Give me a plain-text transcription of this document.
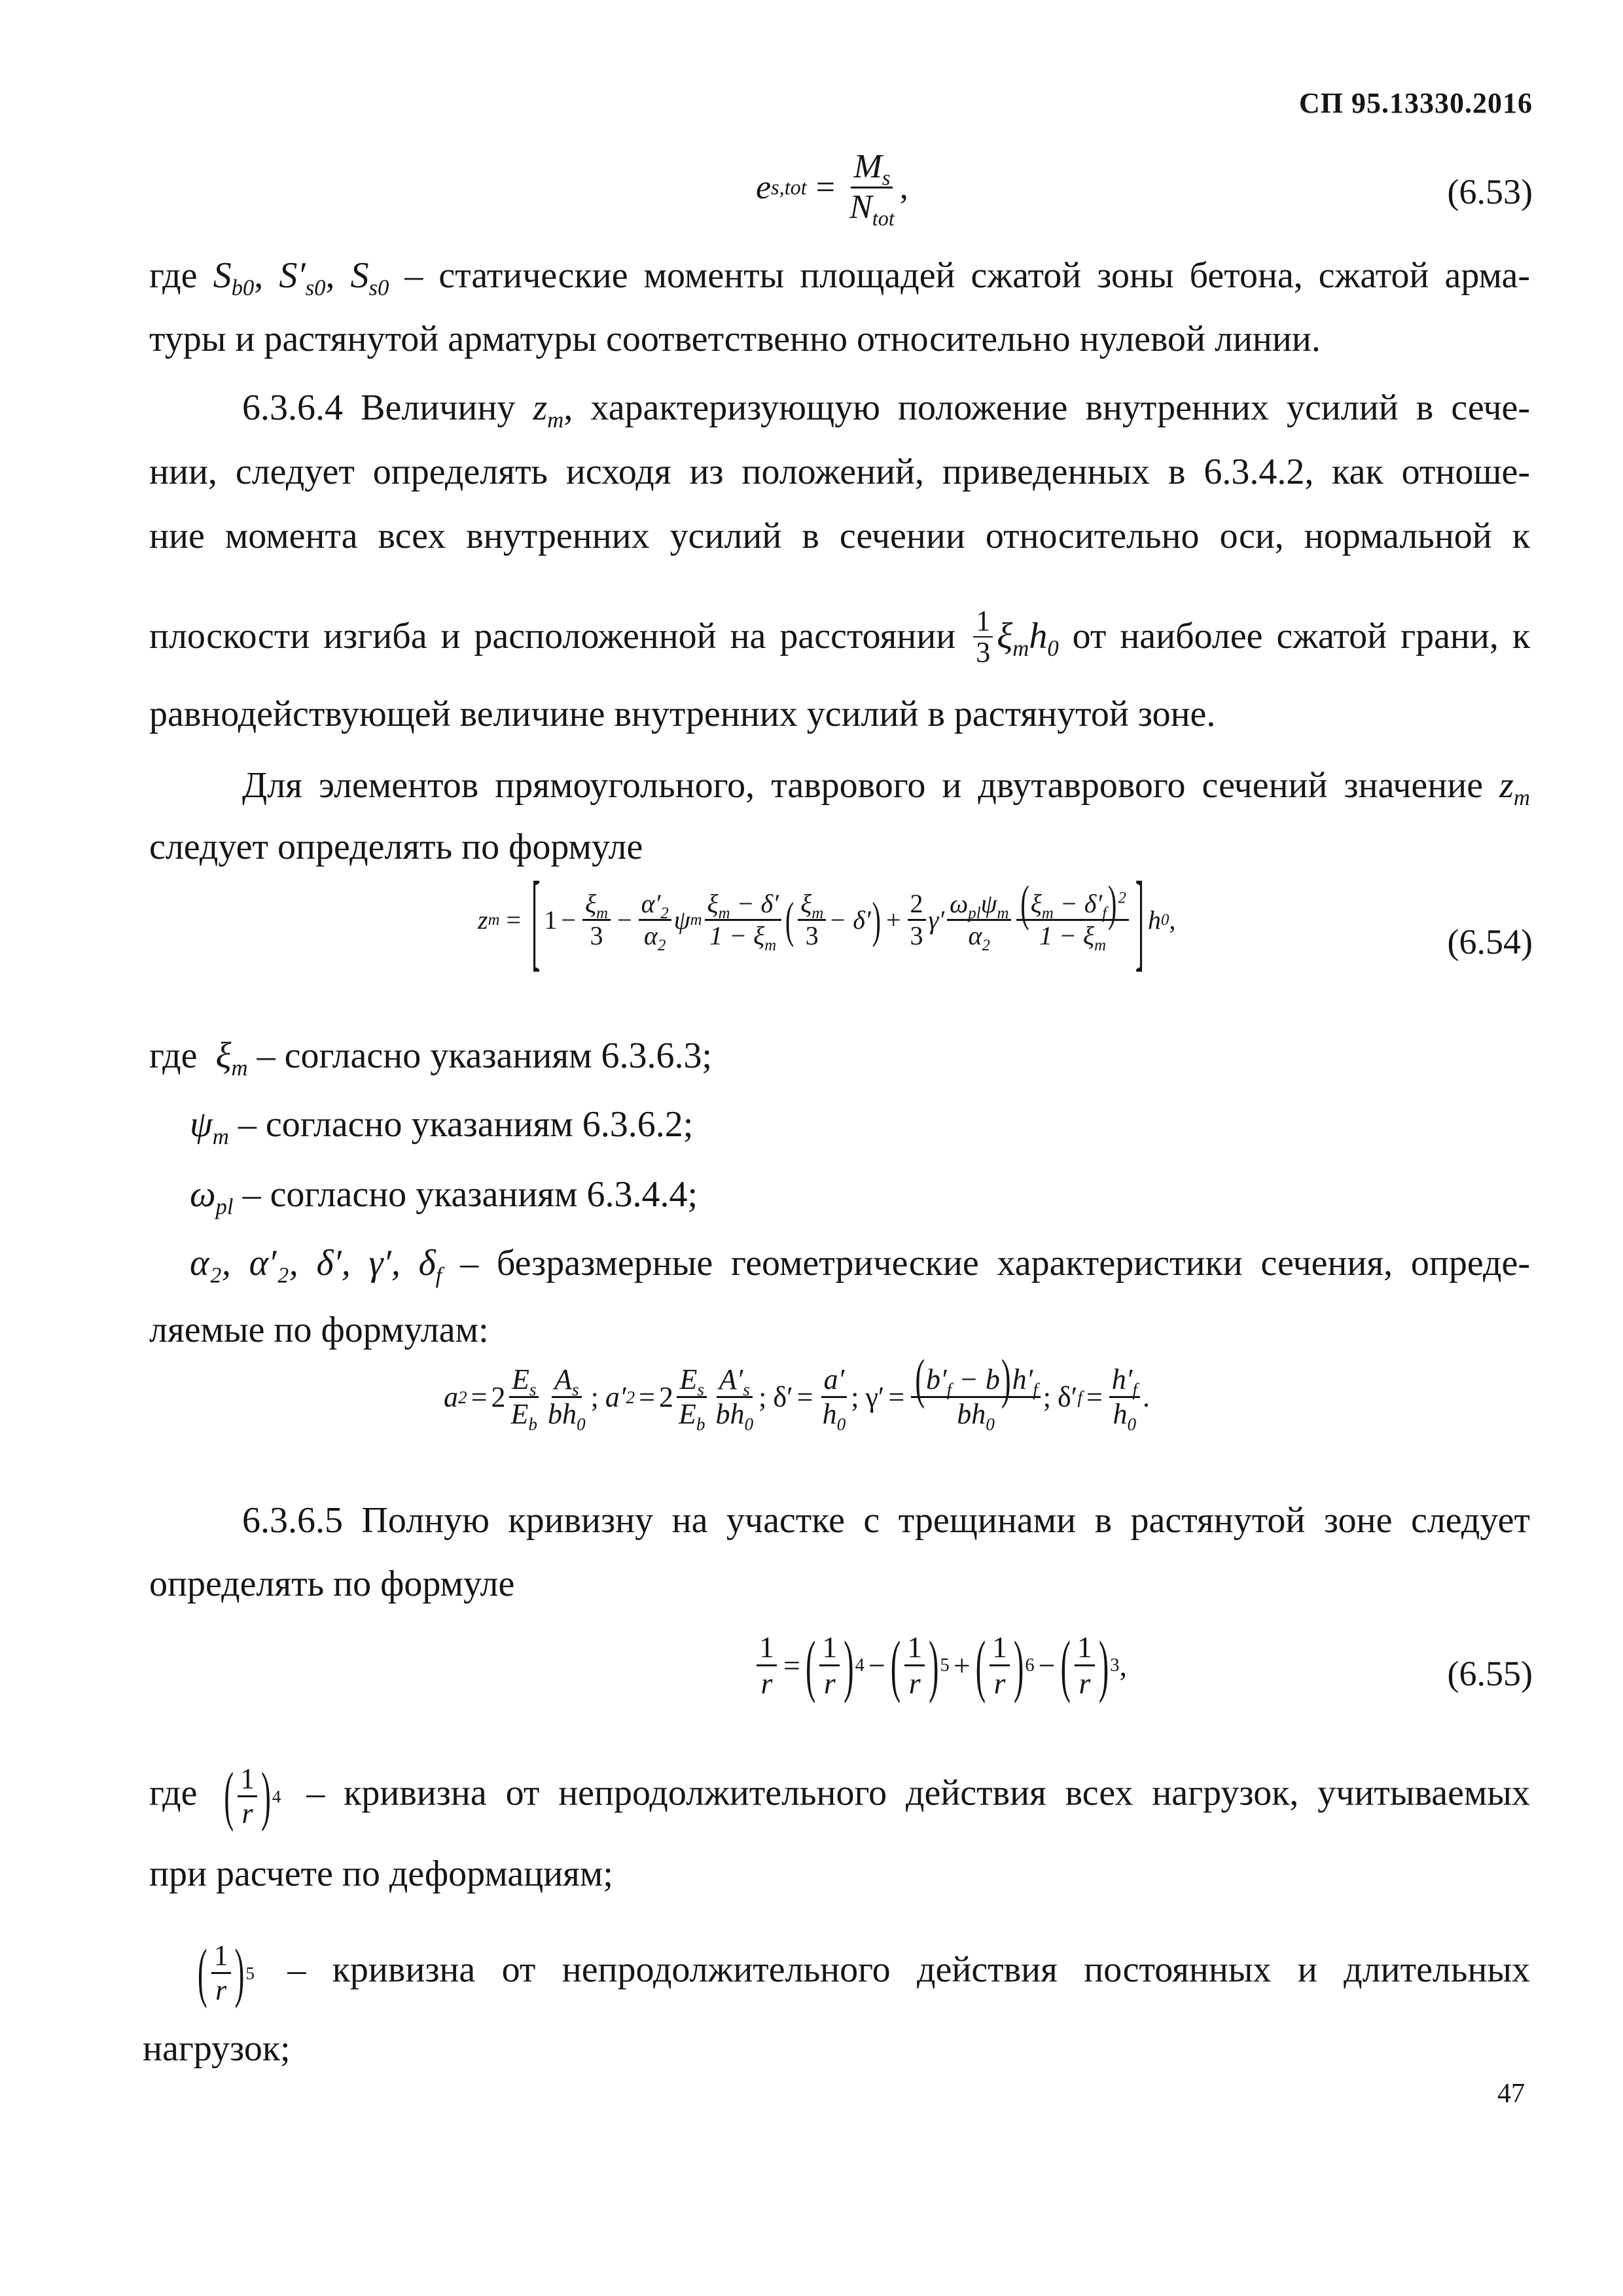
СП 95.13330.2016
e $s,tot = \frac{M_s}{N_{tot}}$ ,	(6.53)
где $S_{b0}$, $S'_{s0}$, $S_{s0}$ – статические моменты площадей сжатой зоны бетона, сжатой арма-
туры и растянутой арматуры соответственно относительно нулевой линии.
6.3.6.4 Величину $z_m$, характеризующую положение внутренних усилий в сече-
нии, следует определять исходя из положений, приведенных в 6.3.4.2, как отноше-
ние момента всех внутренних усилий в сечении относительно оси, нормальной к
плоскости изгиба и расположенной на расстоянии $\frac{1}{3} \xi_mh_0$ от наиболее сжатой грани, к
равнодействующей величине внутренних усилий в растянутой зоне.
Для элементов прямоугольного, таврового и двутаврового сечений значение $z_m$
следует определять по формуле
z m = [ $1 - \frac{\xi_m}{3} - \frac{\alpha'_2}{\alpha_2}$ ψ m $\frac{\xi_m - \delta'}{1 - \xi_m}$ ( $\frac{\xi_m}{3} - \delta'$ ) + $\frac{2}{3} \gamma' \frac{\omega_{pl}\psi_m}{\alpha_2} \frac{(\xi_m - \delta'_f)^2}{1 - \xi_m}$ ] h 0 ,
(6.54)
где $\xi_m$ – согласно указаниям 6.3.6.3;
$\psi_m$ – согласно указаниям 6.3.6.2;
$\omega_{pl}$ – согласно указаниям 6.3.4.4;
α₂, α′₂, δ′, γ′, $\delta_f$ – безразмерные геометрические характеристики сечения, опреде-
ляемые по формулам:
a $2 = 2 \frac{E_s}{E_b} \frac{A_s}{bh_0}$ ; a′ $2 = 2 \frac{E_s}{E_b} \frac{A'_s}{bh_0}$ ; $\delta' = \frac{a'}{h_0}$ ; $\gamma' = \frac{(b'_f - b)h'_f}{bh_0}$ ; δ′ $f = \frac{h'_f}{h_0}$ .
6.3.6.5 Полную кривизну на участке с трещинами в растянутой зоне следует
определять по формуле
$\frac{1}{r}$ = ( $\frac{1}{r}$ ) 4 − ( $\frac{1}{r}$ ) 5 + ( $\frac{1}{r}$ ) 6 − ( $\frac{1}{r}$ ) 3 ,	(6.55)
где ( $\frac{1}{r}$ ) 4 – кривизна от непродолжительного действия всех нагрузок, учитываемых
при расчете по деформациям;
( $\frac{1}{r}$ ) 5 – кривизна от непродолжительного действия постоянных и длительных
нагрузок;
47
